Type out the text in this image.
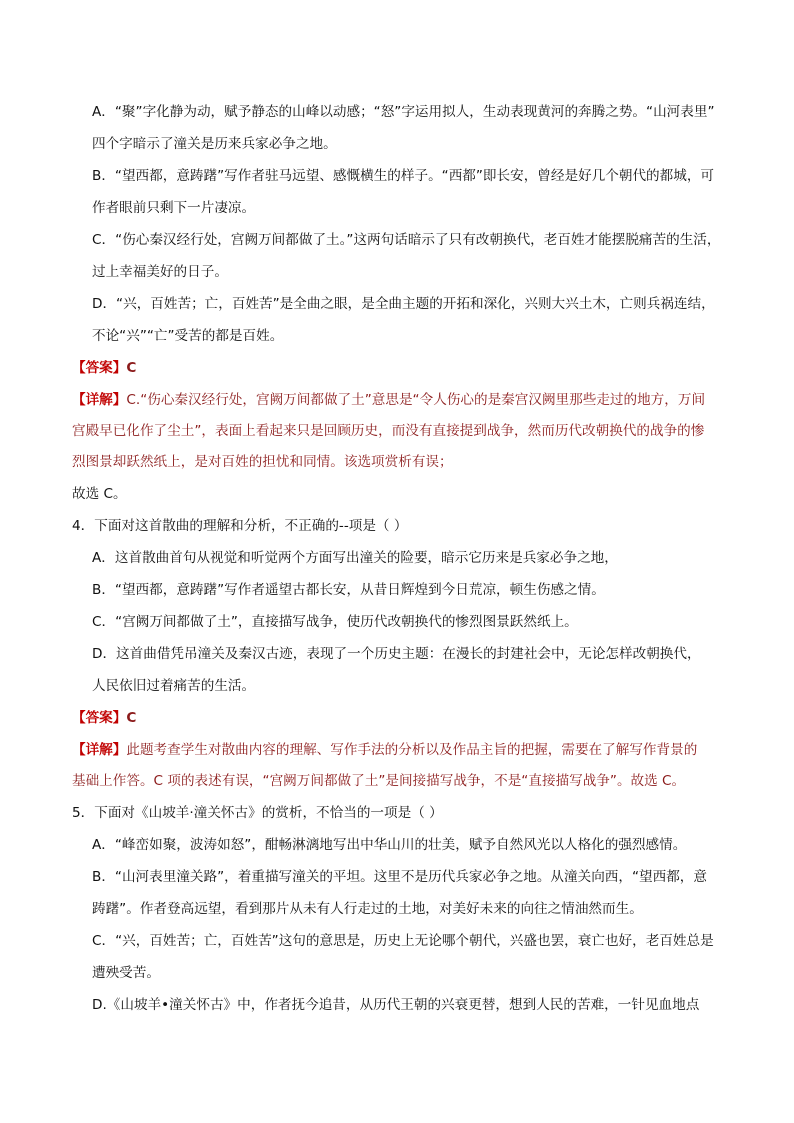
A．“聚”字化静为动，赋予静态的山峰以动感；“怒”字运用拟人，生动表现黄河的奔腾之势。“山河表里”
四个字暗示了潼关是历来兵家必争之地。
B．“望西都，意踌躇”写作者驻马远望、感慨横生的样子。“西都”即长安，曾经是好几个朝代的都城，可
作者眼前只剩下一片凄凉。
C．“伤心秦汉经行处，宫阙万间都做了土。”这两句话暗示了只有改朝换代，老百姓才能摆脱痛苦的生活，
过上幸福美好的日子。
D．“兴，百姓苦；亡，百姓苦”是全曲之眼，是全曲主题的开拓和深化，兴则大兴土木，亡则兵祸连结，
不论“兴”“亡”受苦的都是百姓。
【答案】C
【详解】C.“伤心秦汉经行处，宫阙万间都做了土”意思是“令人伤心的是秦宫汉阙里那些走过的地方，万间
宫殿早已化作了尘土”，表面上看起来只是回顾历史，而没有直接提到战争，然而历代改朝换代的战争的惨
烈图景却跃然纸上，是对百姓的担忧和同情。该选项赏析有误；
故选 C。
4．下面对这首散曲的理解和分析，不正确的--项是（ ）
A．这首散曲首句从视觉和听觉两个方面写出潼关的险要，暗示它历来是兵家必争之地，
B．“望西都，意踌躇”写作者遥望古都长安，从昔日辉煌到今日荒凉，顿生伤感之情。
C．“宫阙万间都做了土”，直接描写战争，使历代改朝换代的惨烈图景跃然纸上。
D．这首曲借凭吊潼关及秦汉古迹，表现了一个历史主题：在漫长的封建社会中，无论怎样改朝换代，
人民依旧过着痛苦的生活。
【答案】C
【详解】此题考查学生对散曲内容的理解、写作手法的分析以及作品主旨的把握，需要在了解写作背景的
基础上作答。C 项的表述有误，“宫阙万间都做了土”是间接描写战争，不是“直接描写战争”。故选 C。
5．下面对《山坡羊·潼关怀古》的赏析，不恰当的一项是（ ）
A．“峰峦如聚，波涛如怒”，酣畅淋漓地写出中华山川的壮美，赋予自然风光以人格化的强烈感情。
B．“山河表里潼关路”，着重描写潼关的平坦。这里不是历代兵家必争之地。从潼关向西，“望西都，意
踌躇”。作者登高远望，看到那片从未有人行走过的土地，对美好未来的向往之情油然而生。
C．“兴，百姓苦；亡，百姓苦”这句的意思是，历史上无论哪个朝代，兴盛也罢，衰亡也好，老百姓总是
遭殃受苦。
D.《山坡羊•潼关怀古》中，作者抚今追昔，从历代王朝的兴衰更替，想到人民的苦难，一针见血地点
